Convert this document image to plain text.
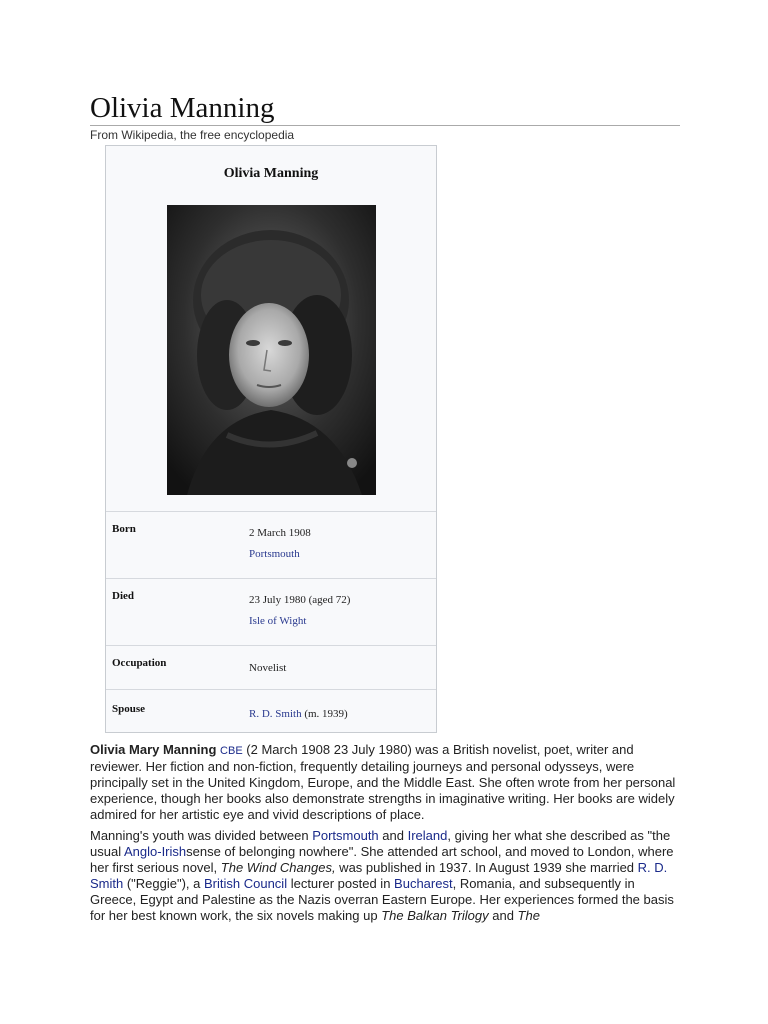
Olivia Manning
From Wikipedia, the free encyclopedia
Olivia Manning
Born	2 March 1908
Portsmouth
Died	23 July 1980 (aged 72)
Isle of Wight
Occupation	Novelist
Spouse	R. D. Smith (m. 1939)

Olivia Mary Manning CBE (2 March 1908 23 July 1980) was a British novelist, poet, writer and reviewer. Her fiction and non-fiction, frequently detailing journeys and personal odysseys, were principally set in the United Kingdom, Europe, and the Middle East. She often wrote from her personal experience, though her books also demonstrate strengths in imaginative writing. Her books are widely admired for her artistic eye and vivid descriptions of place.

Manning's youth was divided between Portsmouth and Ireland, giving her what she described as "the usual Anglo-Irishsense of belonging nowhere". She attended art school, and moved to London, where her first serious novel, The Wind Changes, was published in 1937. In August 1939 she married R. D. Smith ("Reggie"), a British Council lecturer posted in Bucharest, Romania, and subsequently in Greece, Egypt and Palestine as the Nazis overran Eastern Europe. Her experiences formed the basis for her best known work, the six novels making up The Balkan Trilogy and The
